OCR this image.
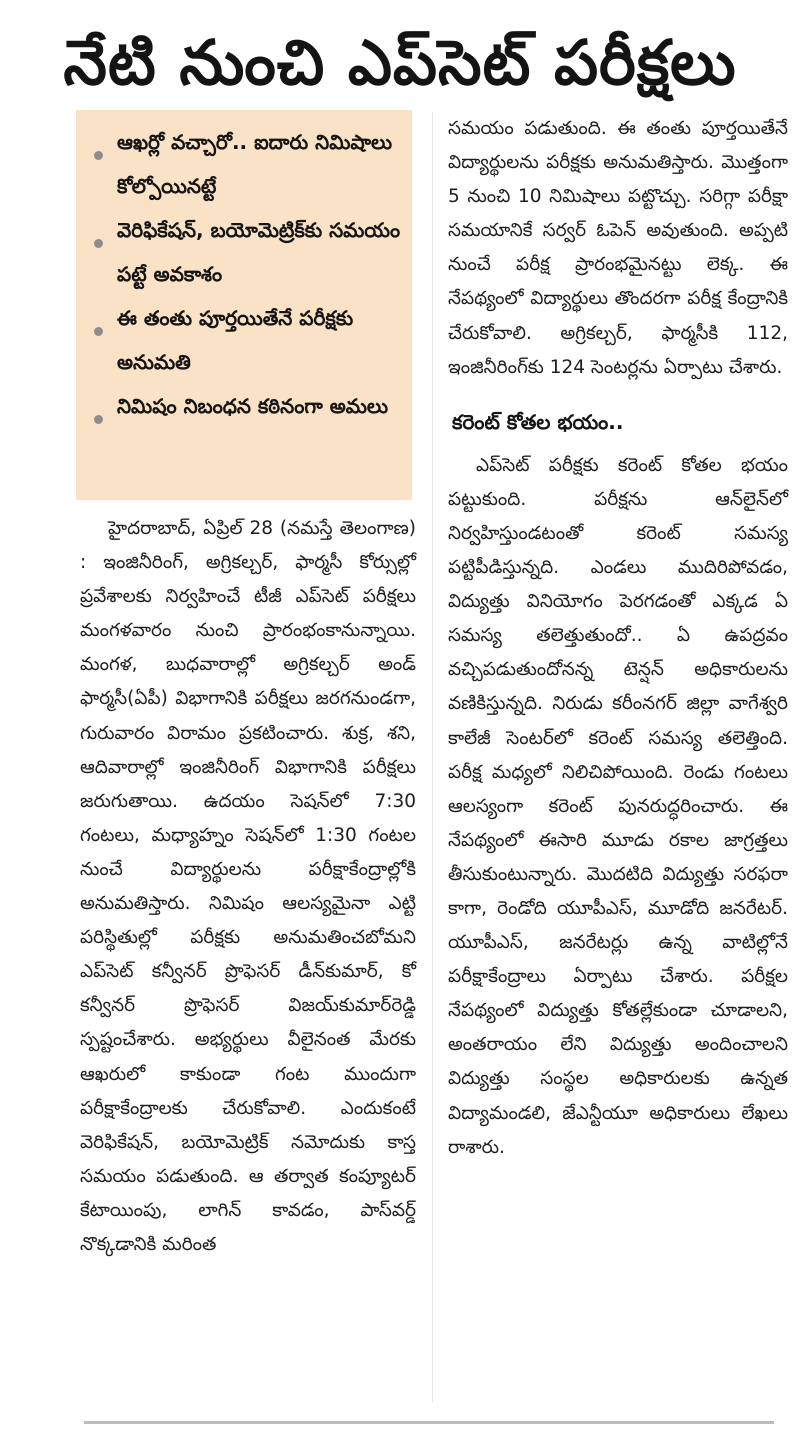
నేటి నుంచి ఎప్‌సెట్ పరీక్షలు

ఆఖర్లో వచ్చారో.. ఐదారు నిమిషాలు కోల్పోయినట్టే

వెరిఫికేషన్, బయోమెట్రిక్‌కు సమయం పట్టే అవకాశం

ఈ తంతు పూర్తయితేనే పరీక్షకు అనుమతి

నిమిషం నిబంధన కఠినంగా అమలు

హైదరాబాద్, ఏప్రిల్ 28 (నమస్తే తెలంగాణ) : ఇంజినీరింగ్, అగ్రికల్చర్, ఫార్మసీ కోర్సుల్లో ప్రవేశాలకు నిర్వహించే టీజీ ఎప్‌సెట్ పరీక్షలు మంగళవారం నుంచి ప్రారంభంకానున్నాయి. మంగళ, బుధవారాల్లో అగ్రికల్చర్ అండ్ ఫార్మసీ(ఏపీ) విభాగానికి పరీక్షలు జరగనుండగా, గురువారం విరామం ప్రకటించారు. శుక్ర, శని, ఆదివారాల్లో ఇంజినీరింగ్ విభాగానికి పరీక్షలు జరుగుతాయి. ఉదయం సెషన్‌లో 7:30 గంటలు, మధ్యాహ్నం సెషన్‌లో 1:30 గంటల నుంచే విద్యార్థులను పరీక్షాకేంద్రాల్లోకి అనుమతిస్తారు. నిమిషం ఆలస్యమైనా ఎట్టి పరిస్థితుల్లో పరీక్షకు అనుమతించబోమని ఎప్‌సెట్ కన్వీనర్ ప్రొఫెసర్ డీన్‌కుమార్, కో కన్వీనర్ ప్రొఫెసర్ విజయ్‌కుమార్‌రెడ్డి స్పష్టంచేశారు. అభ్యర్థులు వీలైనంత మేరకు ఆఖరులో కాకుండా గంట ముందుగా పరీక్షాకేంద్రాలకు చేరుకోవాలి. ఎందుకంటే వెరిఫికేషన్, బయోమెట్రిక్ నమోదుకు కాస్త సమయం పడుతుంది. ఆ తర్వాత కంప్యూటర్ కేటాయింపు, లాగిన్ కావడం, పాస్‌వర్డ్ నొక్కడానికి మరింత

సమయం పడుతుంది. ఈ తంతు పూర్తయితేనే విద్యార్థులను పరీక్షకు అనుమతిస్తారు. మొత్తంగా 5 నుంచి 10 నిమిషాలు పట్టొచ్చు. సరిగ్గా పరీక్షా సమయానికే సర్వర్ ఓపెన్ అవుతుంది. అప్పటి నుంచే పరీక్ష ప్రారంభమైనట్టు లెక్క. ఈ నేపథ్యంలో విద్యార్థులు తొందరగా పరీక్ష కేంద్రానికి చేరుకోవాలి. అగ్రికల్చర్, ఫార్మసీకి 112, ఇంజినీరింగ్‌కు 124 సెంటర్లను ఏర్పాటు చేశారు.

కరెంట్ కోతల భయం..

ఎప్‌సెట్ పరీక్షకు కరెంట్ కోతల భయం పట్టుకుంది. పరీక్షను ఆన్‌లైన్‌లో నిర్వహిస్తుండటంతో కరెంట్ సమస్య పట్టిపీడిస్తున్నది. ఎండలు ముదిరిపోవడం, విద్యుత్తు వినియోగం పెరగడంతో ఎక్కడ ఏ సమస్య తలెత్తుతుందో.. ఏ ఉపద్రవం వచ్చిపడుతుందోనన్న టెన్షన్ అధికారులను వణికిస్తున్నది. నిరుడు కరీంనగర్ జిల్లా వాగేశ్వరి కాలేజీ సెంటర్‌లో కరెంట్ సమస్య తలెత్తింది. పరీక్ష మధ్యలో నిలిచిపోయింది. రెండు గంటలు ఆలస్యంగా కరెంట్ పునరుద్ధరించారు. ఈ నేపథ్యంలో ఈసారి మూడు రకాల జాగ్రత్తలు తీసుకుంటున్నారు. మొదటిది విద్యుత్తు సరఫరా కాగా, రెండోది యూపీఎస్, మూడోది జనరేటర్. యూపీఎస్, జనరేటర్లు ఉన్న వాటిల్లోనే పరీక్షాకేంద్రాలు ఏర్పాటు చేశారు. పరీక్షల నేపథ్యంలో విద్యుత్తు కోతల్లేకుండా చూడాలని, అంతరాయం లేని విద్యుత్తు అందించాలని విద్యుత్తు సంస్థల అధికారులకు ఉన్నత విద్యామండలి, జేఎన్టీయూ అధికారులు లేఖలు రాశారు.
